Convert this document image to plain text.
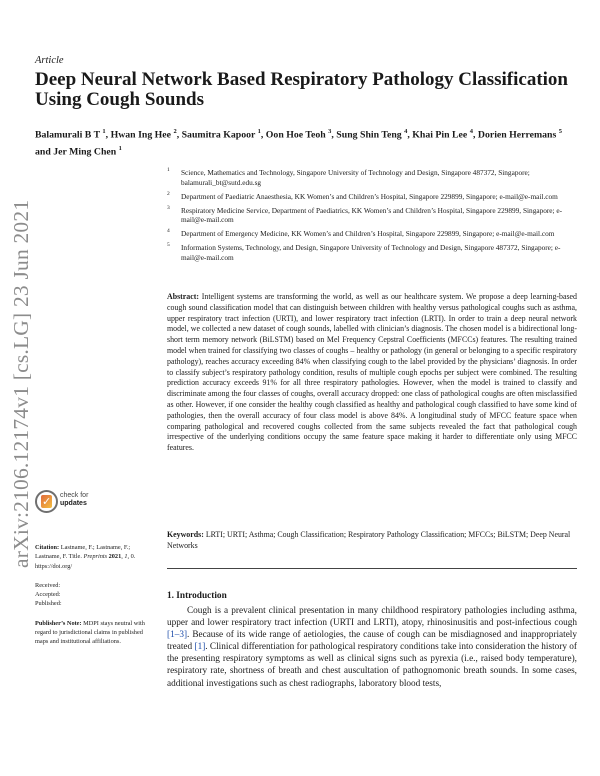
arXiv:2106.12174v1 [cs.LG] 23 Jun 2021
Article
Deep Neural Network Based Respiratory Pathology Classification Using Cough Sounds
Balamurali B T $^1$, Hwan Ing Hee $^2$, Saumitra Kapoor $^1$, Oon Hoe Teoh $^3$, Sung Shin Teng $^4$, Khai Pin Lee $^4$, Dorien Herremans $^5$ and Jer Ming Chen $^1$
1 Science, Mathematics and Technology, Singapore University of Technology and Design, Singapore 487372, Singapore; balamurali_bt@sutd.edu.sg
2 Department of Paediatric Anaesthesia, KK Women’s and Children’s Hospital, Singapore 229899, Singapore; e-mail@e-mail.com
3 Respiratory Medicine Service, Department of Paediatrics, KK Women’s and Children’s Hospital, Singapore 229899, Singapore; e-mail@e-mail.com
4 Department of Emergency Medicine, KK Women’s and Children’s Hospital, Singapore 229899, Singapore; e-mail@e-mail.com
5 Information Systems, Technology, and Design, Singapore University of Technology and Design, Singapore 487372, Singapore; e-mail@e-mail.com
Abstract: Intelligent systems are transforming the world, as well as our healthcare system. We propose a deep learning-based cough sound classification model that can distinguish between children with healthy versus pathological coughs such as asthma, upper respiratory tract infection (URTI), and lower respiratory tract infection (LRTI). In order to train a deep neural network model, we collected a new dataset of cough sounds, labelled with clinician’s diagnosis. The chosen model is a bidirectional long-short term memory network (BiLSTM) based on Mel Frequency Cepstral Coefficients (MFCCs) features. The resulting trained model when trained for classifying two classes of coughs – healthy or pathology (in general or belonging to a specific respiratory pathology), reaches accuracy exceeding 84% when classifying cough to the label provided by the physicians’ diagnosis. In order to classify subject’s respiratory pathology condition, results of multiple cough epochs per subject were combined. The resulting prediction accuracy exceeds 91% for all three respiratory pathologies. However, when the model is trained to classify and discriminate among the four classes of coughs, overall accuracy dropped: one class of pathological coughs are often misclassified as other. However, if one consider the healthy cough classified as healthy and pathological cough classified to have some kind of pathologies, then the overall accuracy of four class model is above 84%. A longitudinal study of MFCC feature space when comparing pathological and recovered coughs collected from the same subjects revealed the fact that pathological cough irrespective of the underlying conditions occupy the same feature space making it harder to differentiate only using MFCC features.
Keywords: LRTI; URTI; Asthma; Cough Classification; Respiratory Pathology Classification; MFCCs; BiLSTM; Deep Neural Networks
✓ check for
updates

Citation: Lastname, F.; Lastname, F.; Lastname, F. Title. Preprints 2021, 1, 0. https://doi.org/

Received:

Accepted:

Published:

Publisher’s Note: MDPI stays neutral with regard to jurisdictional claims in published maps and institutional affiliations.

1. Introduction
Cough is a prevalent clinical presentation in many childhood respiratory pathologies including asthma, upper and lower respiratory tract infection (URTI and LRTI), atopy, rhinosinusitis and post-infectious cough [1–3]. Because of its wide range of aetiologies, the cause of cough can be misdiagnosed and inappropriately treated [1]. Clinical differentiation for pathological respiratory conditions take into consideration the history of the presenting respiratory symptoms as well as clinical signs such as pyrexia (i.e., raised body temperature), respiratory rate, shortness of breath and chest auscultation of pathognomonic breath sounds. In some cases, additional investigations such as chest radiographs, laboratory blood tests,
